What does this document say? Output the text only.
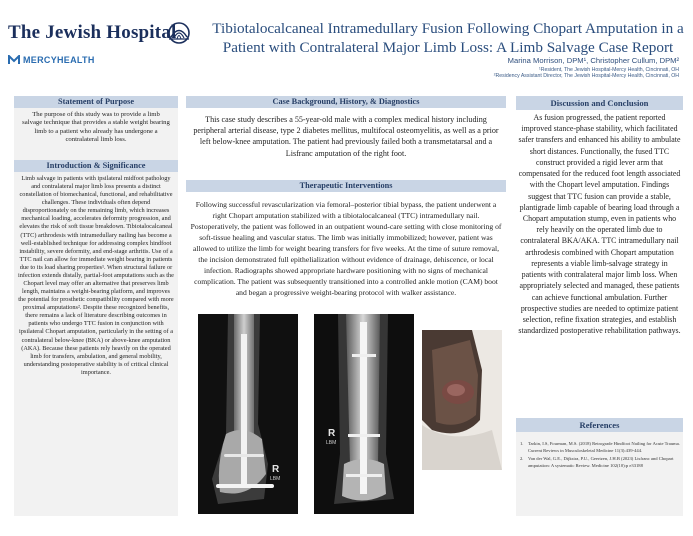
The Jewish Hospital
MERCYHEALTH
Tibiotalocalcaneal Intramedullary Fusion Following Chopart Amputation in a Patient with Contralateral Major Limb Loss: A Limb Salvage Case Report
Marina Morrison, DPM¹, Christopher Cullum, DPM²
¹Resident, The Jewish Hospital-Mercy Health, Cincinnati, OH
²Residency Assistant Director, The Jewish Hospital-Mercy Health, Cincinnati, OH
Statement of Purpose
The purpose of this study was to provide a limb salvage technique that provides a stable weight bearing limb to a patient who already has undergone a contralateral limb loss.
Introduction & Significance
Limb salvage in patients with ipsilateral midfoot pathology and contralateral major limb loss presents a distinct constellation of biomechanical, functional, and rehabilitative challenges. These individuals often depend disproportionately on the remaining limb, which increases mechanical loading, accelerates deformity progression, and elevates the risk of soft tissue breakdown. Tibiotalocalcaneal (TTC) arthrodesis with intramedullary nailing has become a well-established technique for addressing complex hindfoot instability, severe deformity, and end-stage arthritis. Use of a TTC nail can allow for immediate weight bearing in patients due to its load sharing properties¹. When structural failure or infection extends distally, partial-foot amputations such as the Chopart level may offer an alternative that preserves limb length, maintains a weight-bearing platform, and improves the potential for prosthetic compatibility compared with more proximal amputations². Despite these recognized benefits, there remains a lack of literature describing outcomes in patients who undergo TTC fusion in conjunction with ipsilateral Chopart amputation, particularly in the setting of a contralateral below-knee (BKA) or above-knee amputation (AKA). Because these patients rely heavily on the operated limb for transfers, ambulation, and general mobility, understanding postoperative stability is of critical clinical importance.
Case Background, History, & Diagnostics
This case study describes a 55-year-old male with a complex medical history including peripheral arterial disease, type 2 diabetes mellitus, multifocal osteomyelitis, as well as a prior left below-knee amputation. The patient had previously failed both a transmetatarsal and a Lisfranc amputation of the right foot.
Therapeutic Interventions
Following successful revascularization via femoral–posterior tibial bypass, the patient underwent a right Chopart amputation stabilized with a tibiotalocalcaneal (TTC) intramedullary nail. Postoperatively, the patient was followed in an outpatient wound-care setting with close monitoring of soft-tissue healing and vascular status. The limb was initially immobilized; however, patient was allowed to utilize the limb for weight bearing transfers for five weeks. At the time of suture removal, the incision demonstrated full epithelialization without evidence of drainage, dehiscence, or local infection. Radiographs showed appropriate hardware positioning with no signs of mechanical complication. The patient was subsequently transitioned into a controlled ankle motion (CAM) boot and began a progressive weight-bearing protocol with walker assistance.
R
LBM
R
LBM
Discussion and Conclusion
As fusion progressed, the patient reported improved stance-phase stability, which facilitated safer transfers and enhanced his ability to ambulate short distances. Functionally, the fused TTC construct provided a rigid lever arm that compensated for the reduced foot length associated with the Chopart level amputation. Findings suggest that TTC fusion can provide a stable, plantigrade limb capable of bearing load through a Chopart amputation stump, even in patients who rely heavily on the operated limb due to contralateral BKA/AKA. TTC intramedullary nail arthrodesis combined with Chopart amputation represents a viable limb-salvage strategy in patients with contralateral major limb loss. When appropriately selected and managed, these patients can achieve functional ambulation. Further prospective studies are needed to optimize patient selection, refine fixation strategies, and establish standardized postoperative rehabilitation pathways.
References
1. Tarkin, I.S, Fourman, M.S. (2018) Retrograde Hindfoot Nailing for Acute Trauma. Current Reviews in Musculoskeletal Medicine 11(3):439-444.
2. Van der Wal, G.E., Dijkstra, P.U., Geertzen, J.H.B (2023) Lisfranc and Chopart amputation: A systematic Review. Medicine 102(10):p e33188
